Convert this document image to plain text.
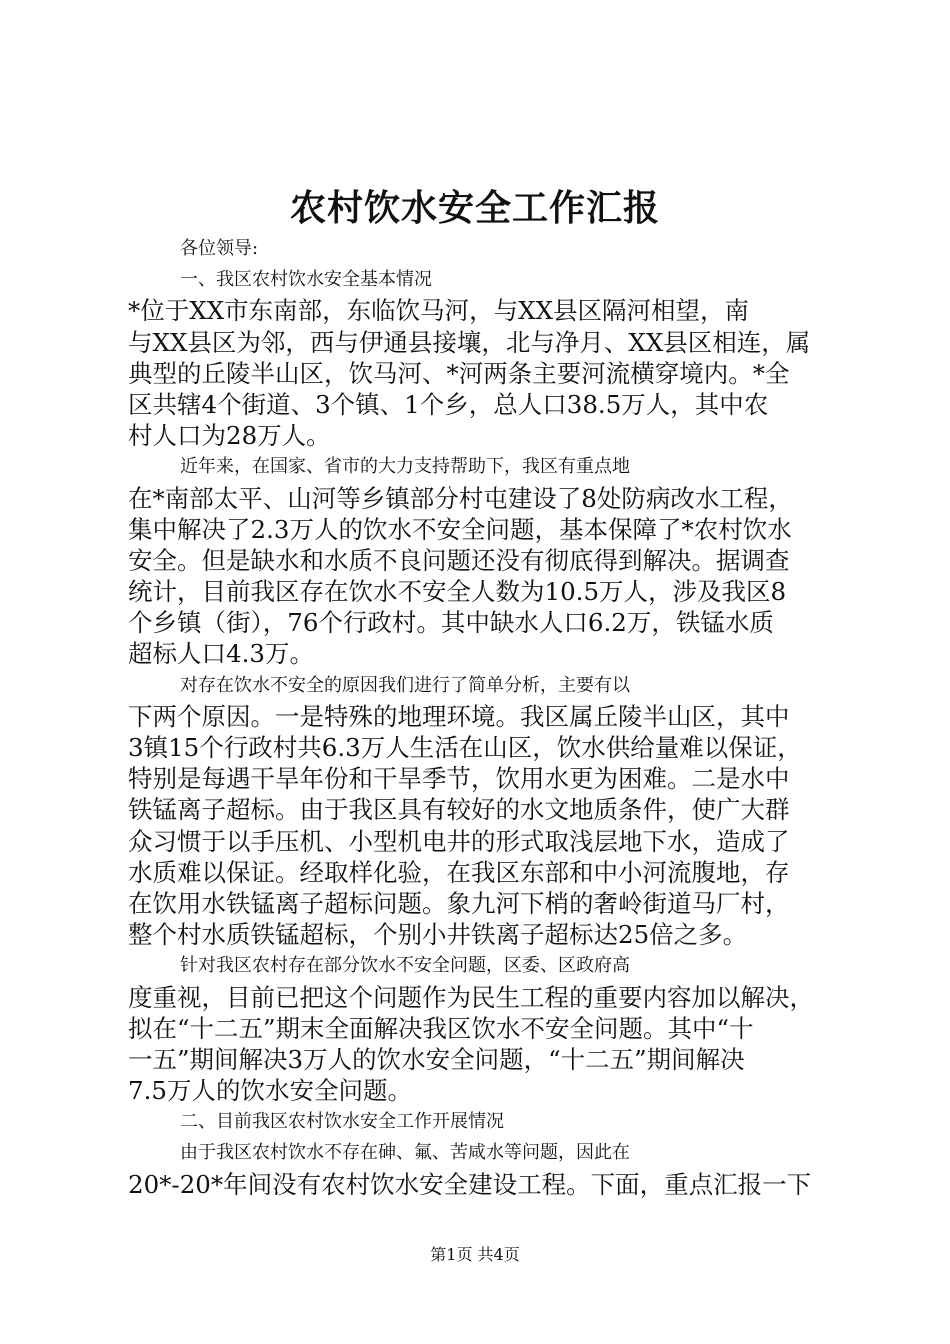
农村饮水安全工作汇报
各位领导:
一、我区农村饮水安全基本情况
*位于XX市东南部，东临饮马河，与XX县区隔河相望，南
与XX县区为邻，西与伊通县接壤，北与净月、XX县区相连，属
典型的丘陵半山区，饮马河、*河两条主要河流横穿境内。*全
区共辖4个街道、3个镇、1个乡，总人口38.5万人，其中农
村人口为28万人。
近年来，在国家、省市的大力支持帮助下，我区有重点地
在*南部太平、山河等乡镇部分村屯建设了8处防病改水工程，
集中解决了2.3万人的饮水不安全问题，基本保障了*农村饮水
安全。但是缺水和水质不良问题还没有彻底得到解决。据调查
统计，目前我区存在饮水不安全人数为10.5万人，涉及我区8
个乡镇（街），76个行政村。其中缺水人口6.2万，铁锰水质
超标人口4.3万。
对存在饮水不安全的原因我们进行了简单分析，主要有以
下两个原因。一是特殊的地理环境。我区属丘陵半山区，其中
3镇15个行政村共6.3万人生活在山区，饮水供给量难以保证，
特别是每遇干旱年份和干旱季节，饮用水更为困难。二是水中
铁锰离子超标。由于我区具有较好的水文地质条件，使广大群
众习惯于以手压机、小型机电井的形式取浅层地下水，造成了
水质难以保证。经取样化验，在我区东部和中小河流腹地，存
在饮用水铁锰离子超标问题。象九河下梢的奢岭街道马厂村，
整个村水质铁锰超标，个别小井铁离子超标达25倍之多。
针对我区农村存在部分饮水不安全问题，区委、区政府高
度重视，目前已把这个问题作为民生工程的重要内容加以解决，
拟在“十二五”期末全面解决我区饮水不安全问题。其中“十
一五”期间解决3万人的饮水安全问题，“十二五”期间解决
7.5万人的饮水安全问题。
二、目前我区农村饮水安全工作开展情况
由于我区农村饮水不存在砷、氟、苦咸水等问题，因此在
20*-20*年间没有农村饮水安全建设工程。下面，重点汇报一下
第1页 共4页
